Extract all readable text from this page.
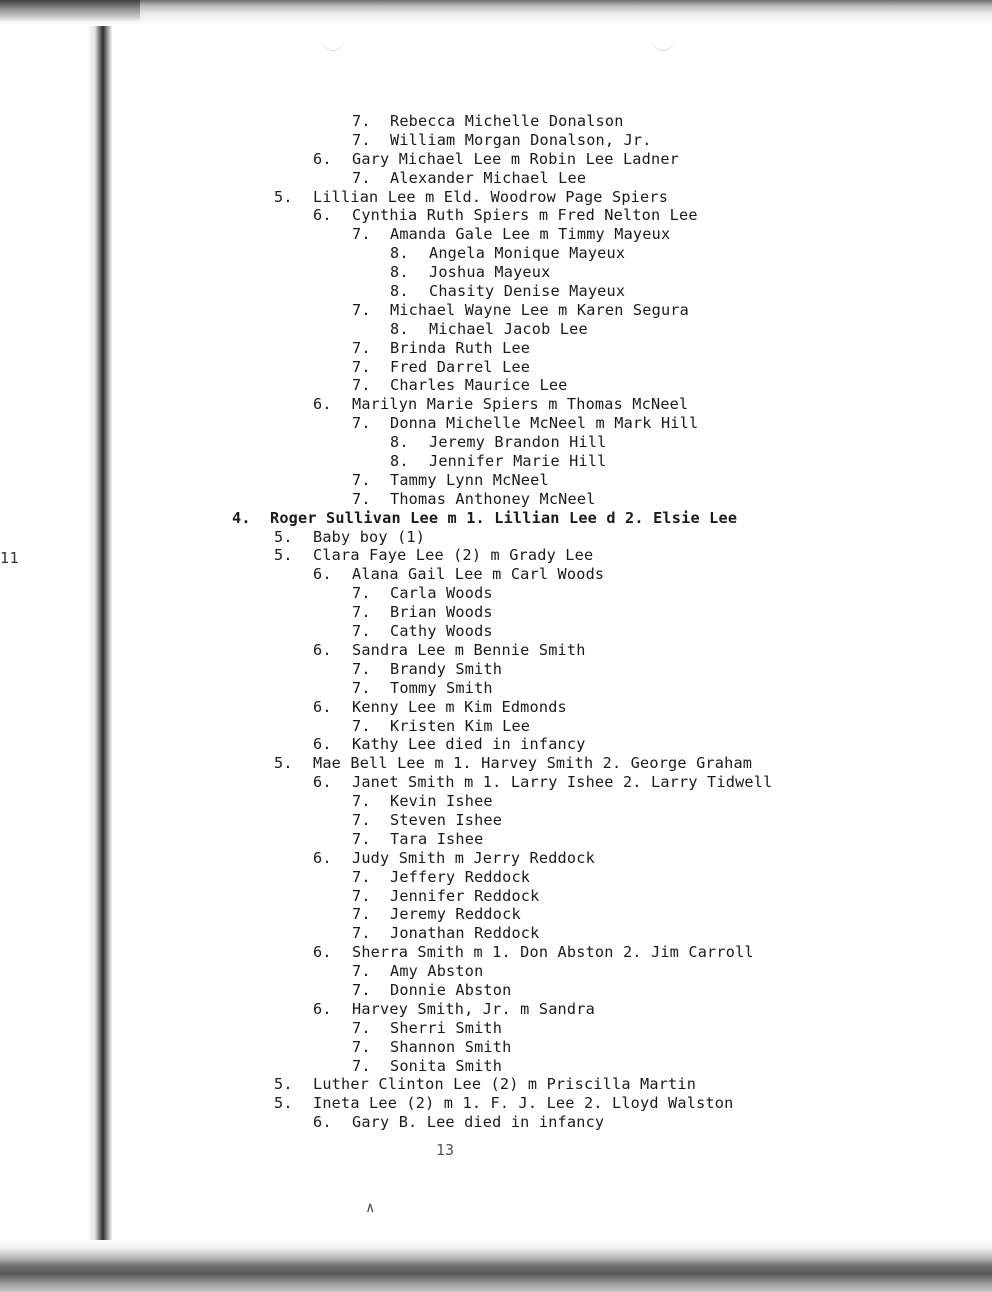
11
7. Rebecca Michelle Donalson
7. William Morgan Donalson, Jr.
6. Gary Michael Lee m Robin Lee Ladner
7. Alexander Michael Lee
5. Lillian Lee m Eld. Woodrow Page Spiers
6. Cynthia Ruth Spiers m Fred Nelton Lee
7. Amanda Gale Lee m Timmy Mayeux
8. Angela Monique Mayeux
8. Joshua Mayeux
8. Chasity Denise Mayeux
7. Michael Wayne Lee m Karen Segura
8. Michael Jacob Lee
7. Brinda Ruth Lee
7. Fred Darrel Lee
7. Charles Maurice Lee
6. Marilyn Marie Spiers m Thomas McNeel
7. Donna Michelle McNeel m Mark Hill
8. Jeremy Brandon Hill
8. Jennifer Marie Hill
7. Tammy Lynn McNeel
7. Thomas Anthoney McNeel
4. Roger Sullivan Lee m 1. Lillian Lee d 2. Elsie Lee
5. Baby boy (1)
5. Clara Faye Lee (2) m Grady Lee
6. Alana Gail Lee m Carl Woods
7. Carla Woods
7. Brian Woods
7. Cathy Woods
6. Sandra Lee m Bennie Smith
7. Brandy Smith
7. Tommy Smith
6. Kenny Lee m Kim Edmonds
7. Kristen Kim Lee
6. Kathy Lee died in infancy
5. Mae Bell Lee m 1. Harvey Smith 2. George Graham
6. Janet Smith m 1. Larry Ishee 2. Larry Tidwell
7. Kevin Ishee
7. Steven Ishee
7. Tara Ishee
6. Judy Smith m Jerry Reddock
7. Jeffery Reddock
7. Jennifer Reddock
7. Jeremy Reddock
7. Jonathan Reddock
6. Sherra Smith m 1. Don Abston 2. Jim Carroll
7. Amy Abston
7. Donnie Abston
6. Harvey Smith, Jr. m Sandra
7. Sherri Smith
7. Shannon Smith
7. Sonita Smith
5. Luther Clinton Lee (2) m Priscilla Martin
5. Ineta Lee (2) m 1. F. J. Lee 2. Lloyd Walston
6. Gary B. Lee died in infancy
13
∧
